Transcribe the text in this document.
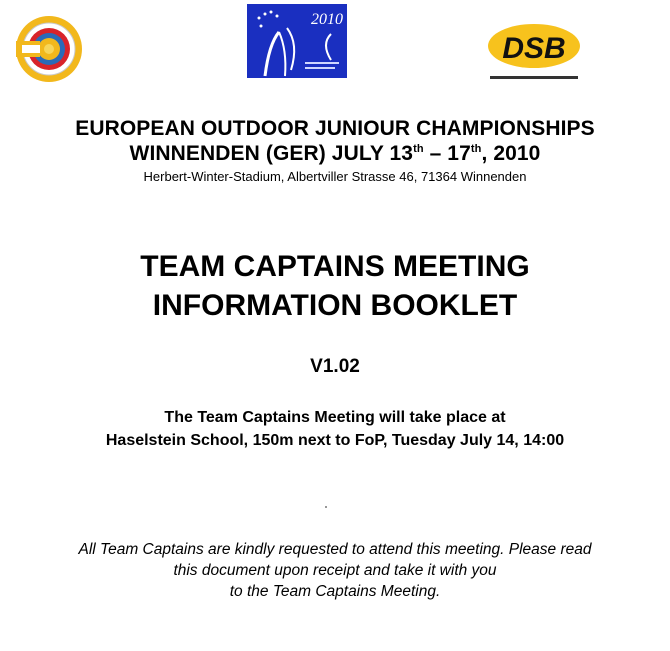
2010
DSB
EUROPEAN OUTDOOR JUNIOUR CHAMPIONSHIPS
WINNENDEN (GER) JULY 13th – 17th, 2010
Herbert-Winter-Stadium, Albertviller Strasse 46, 71364 Winnenden
TEAM CAPTAINS MEETING
INFORMATION BOOKLET
V1.02
The Team Captains Meeting will take place at
Haselstein School, 150m next to FoP, Tuesday July 14, 14:00
All Team Captains are kindly requested to attend this meeting. Please read
this document upon receipt and take it with you
to the Team Captains Meeting.
